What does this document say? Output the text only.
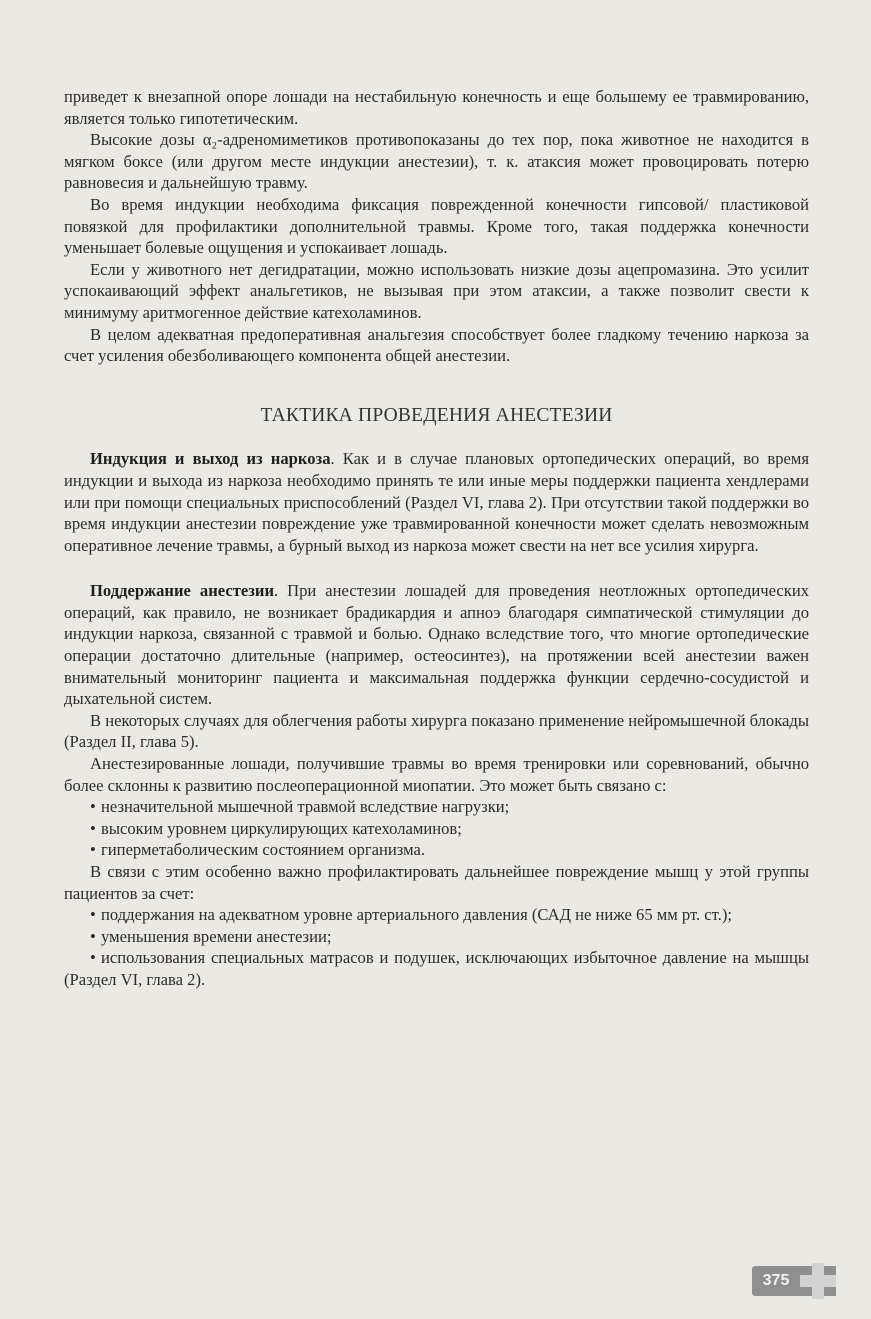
приведет к внезапной опоре лошади на нестабильную конечность и еще большему ее травмированию, является только гипотетическим.

Высокие дозы α₂-адреномиметиков противопоказаны до тех пор, пока животное не находится в мягком боксе (или другом месте индукции анестезии), т. к. атаксия может провоцировать потерю равновесия и дальнейшую травму.

Во время индукции необходима фиксация поврежденной конечности гипсовой/ пластиковой повязкой для профилактики дополнительной травмы. Кроме того, такая поддержка конечности уменьшает болевые ощущения и успокаивает лошадь.

Если у животного нет дегидратации, можно использовать низкие дозы ацепромазина. Это усилит успокаивающий эффект анальгетиков, не вызывая при этом атаксии, а также позволит свести к минимуму аритмогенное действие катехоламинов.

В целом адекватная предоперативная анальгезия способствует более гладкому течению наркоза за счет усиления обезболивающего компонента общей анестезии.

ТАКТИКА ПРОВЕДЕНИЯ АНЕСТЕЗИИ

Индукция и выход из наркоза. Как и в случае плановых ортопедических операций, во время индукции и выхода из наркоза необходимо принять те или иные меры поддержки пациента хендлерами или при помощи специальных приспособлений (Раздел VI, глава 2). При отсутствии такой поддержки во время индукции анестезии повреждение уже травмированной конечности может сделать невозможным оперативное лечение травмы, а бурный выход из наркоза может свести на нет все усилия хирурга.

Поддержание анестезии. При анестезии лошадей для проведения неотложных ортопедических операций, как правило, не возникает брадикардия и апноэ благодаря симпатической стимуляции до индукции наркоза, связанной с травмой и болью. Однако вследствие того, что многие ортопедические операции достаточно длительные (например, остеосинтез), на протяжении всей анестезии важен внимательный мониторинг пациента и максимальная поддержка функции сердечно-сосудистой и дыхательной систем.

В некоторых случаях для облегчения работы хирурга показано применение нейромышечной блокады (Раздел II, глава 5).

Анестезированные лошади, получившие травмы во время тренировки или соревнований, обычно более склонны к развитию послеоперационной миопатии. Это может быть связано с:

• незначительной мышечной травмой вследствие нагрузки;

• высоким уровнем циркулирующих катехоламинов;

• гиперметаболическим состоянием организма.

В связи с этим особенно важно профилактировать дальнейшее повреждение мышц у этой группы пациентов за счет:

• поддержания на адекватном уровне артериального давления (САД не ниже 65 мм рт. ст.);

• уменьшения времени анестезии;

• использования специальных матрасов и подушек, исключающих избыточное давление на мышцы (Раздел VI, глава 2).

375
